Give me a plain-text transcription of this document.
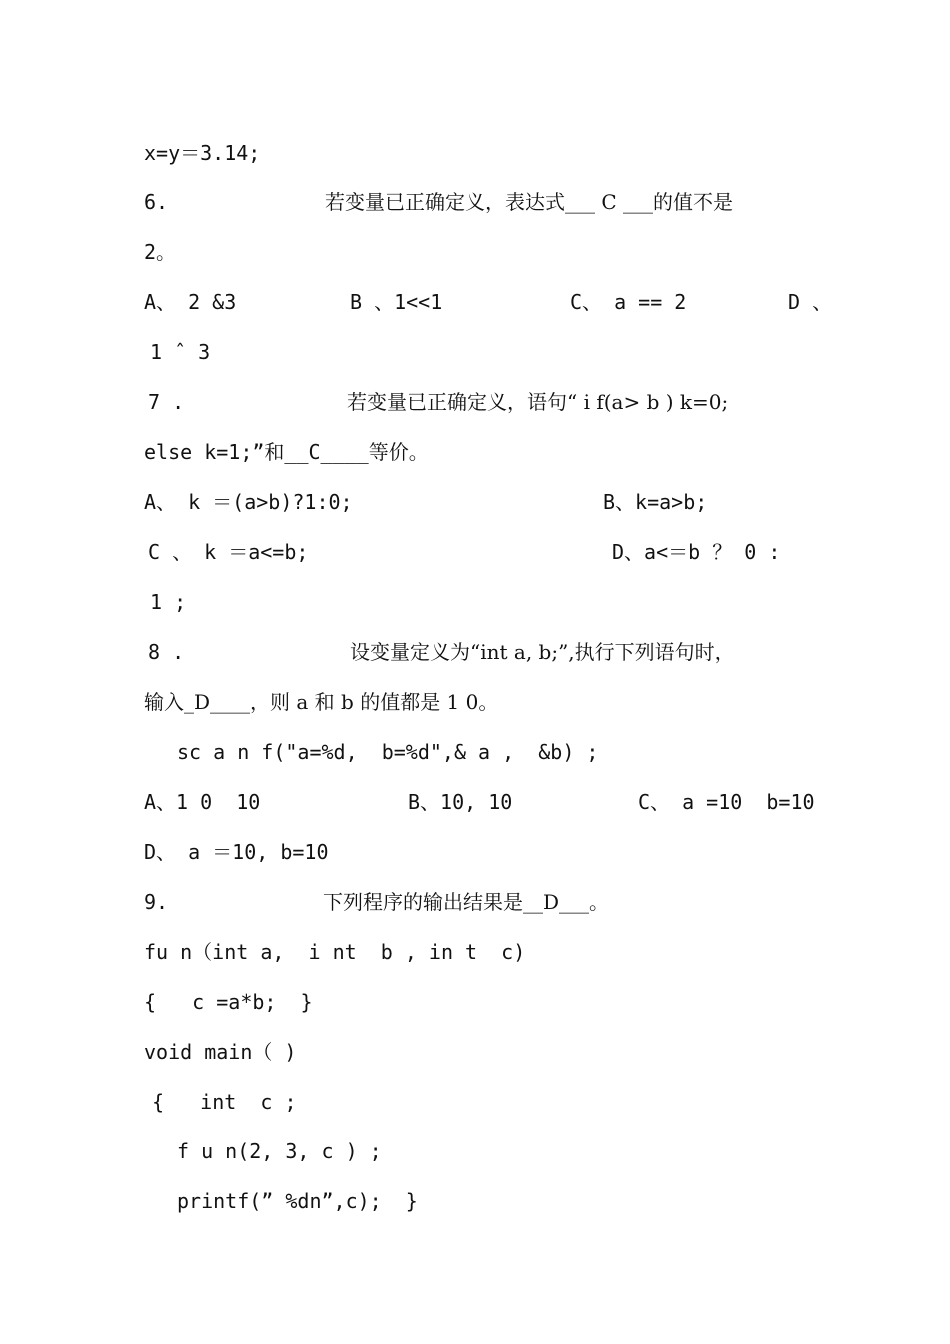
x=y＝3.14;
6.	若变量已正确定义，表达式___ C ___的值不是
2。
A、 2 &3	B 、1<<1	C、 a == 2	D 、
1 ˆ 3
7 .	若变量已正确定义，语句“ i f(a> b ) k=0;
else k=1;”和__C____等价。
A、 k ＝(a>b)?1:0;	B、k=a>b;
C 、 k ＝a<=b;	D、a<＝b ？ 0 :
1 ;
8 .	设变量定义为“int a, b;”,执行下列语句时，
输入_D____，则 a 和 b 的值都是 1 0。
sc a n f("a=%d,  b=%d",& a ,  &b) ;
A、1 0  10	B、10, 10	C、 a =10  b=10
D、 a ＝10, b=10
9.	下列程序的输出结果是__D___。
fu n（int a,  i nt  b , in t  c)
{   c =a*b;  }
void main（ )
{   int  c ;
f u n(2, 3, c ) ;
printf(” %dn”,c);  }
